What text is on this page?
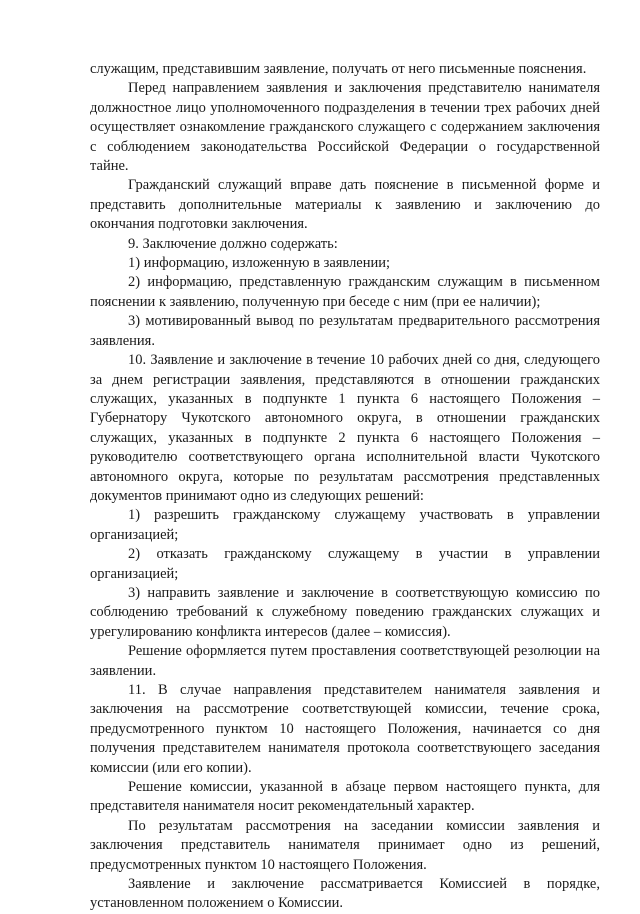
служащим, представившим заявление, получать от него письменные пояснения.

Перед направлением заявления и заключения представителю нанимателя должностное лицо уполномоченного подразделения в течении трех рабочих дней осуществляет ознакомление гражданского служащего с содержанием заключения с соблюдением законодательства Российской Федерации о государственной тайне.

Гражданский служащий вправе дать пояснение в письменной форме и представить дополнительные материалы к заявлению и заключению до окончания подготовки заключения.

9. Заключение должно содержать:

1) информацию, изложенную в заявлении;

2) информацию, представленную гражданским служащим в письменном пояснении к заявлению, полученную при беседе с ним (при ее наличии);

3) мотивированный вывод по результатам предварительного рассмотрения заявления.

10. Заявление и заключение в течение 10 рабочих дней со дня, следующего за днем регистрации заявления, представляются в отношении гражданских служащих, указанных в подпункте 1 пункта 6 настоящего Положения – Губернатору Чукотского автономного округа, в отношении гражданских служащих, указанных в подпункте 2 пункта 6 настоящего Положения – руководителю соответствующего органа исполнительной власти Чукотского автономного округа, которые по результатам рассмотрения представленных документов принимают одно из следующих решений:

1) разрешить гражданскому служащему участвовать в управлении организацией;

2) отказать гражданскому служащему в участии в управлении организацией;

3) направить заявление и заключение в соответствующую комиссию по соблюдению требований к служебному поведению гражданских служащих и урегулированию конфликта интересов (далее – комиссия).

Решение оформляется путем проставления соответствующей резолюции на заявлении.

11. В случае направления представителем нанимателя заявления и заключения на рассмотрение соответствующей комиссии, течение срока, предусмотренного пунктом 10 настоящего Положения, начинается со дня получения представителем нанимателя протокола соответствующего заседания комиссии (или его копии).

Решение комиссии, указанной в абзаце первом настоящего пункта, для представителя нанимателя носит рекомендательный характер.

По результатам рассмотрения на заседании комиссии заявления и заключения представитель нанимателя принимает одно из решений, предусмотренных пунктом 10 настоящего Положения.

Заявление и заключение рассматривается Комиссией в порядке, установленном положением о Комиссии.
